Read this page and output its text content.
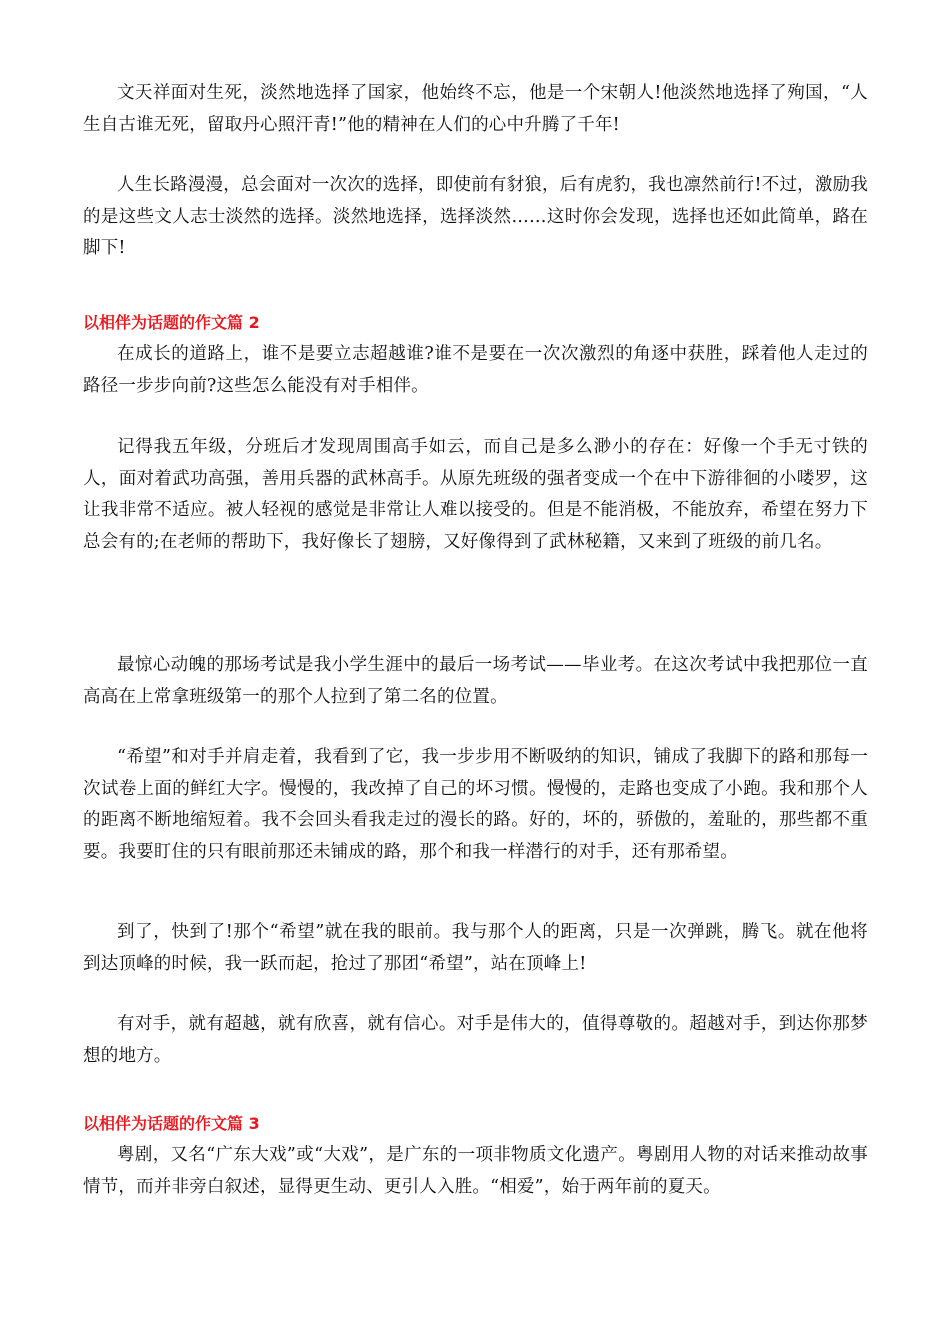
文天祥面对生死，淡然地选择了国家，他始终不忘，他是一个宋朝人!他淡然地选择了殉国，“人生自古谁无死，留取丹心照汗青!”他的精神在人们的心中升腾了千年!

人生长路漫漫，总会面对一次次的选择，即使前有豺狼，后有虎豹，我也凛然前行!不过，激励我的是这些文人志士淡然的选择。淡然地选择，选择淡然……这时你会发现，选择也还如此简单，路在脚下!

以相伴为话题的作文篇 2

在成长的道路上，谁不是要立志超越谁?谁不是要在一次次激烈的角逐中获胜，踩着他人走过的路径一步步向前?这些怎么能没有对手相伴。

记得我五年级，分班后才发现周围高手如云，而自己是多么渺小的存在：好像一个手无寸铁的人，面对着武功高强，善用兵器的武林高手。从原先班级的强者变成一个在中下游徘徊的小喽罗，这让我非常不适应。被人轻视的感觉是非常让人难以接受的。但是不能消极，不能放弃，希望在努力下总会有的;在老师的帮助下，我好像长了翅膀，又好像得到了武林秘籍，又来到了班级的前几名。

最惊心动魄的那场考试是我小学生涯中的最后一场考试——毕业考。在这次考试中我把那位一直高高在上常拿班级第一的那个人拉到了第二名的位置。

“希望”和对手并肩走着，我看到了它，我一步步用不断吸纳的知识，铺成了我脚下的路和那每一次试卷上面的鲜红大字。慢慢的，我改掉了自己的坏习惯。慢慢的，走路也变成了小跑。我和那个人的距离不断地缩短着。我不会回头看我走过的漫长的路。好的，坏的，骄傲的，羞耻的，那些都不重要。我要盯住的只有眼前那还未铺成的路，那个和我一样潜行的对手，还有那希望。

到了，快到了!那个“希望”就在我的眼前。我与那个人的距离，只是一次弹跳，腾飞。就在他将到达顶峰的时候，我一跃而起，抢过了那团“希望”，站在顶峰上!

有对手，就有超越，就有欣喜，就有信心。对手是伟大的，值得尊敬的。超越对手，到达你那梦想的地方。

以相伴为话题的作文篇 3

粤剧，又名“广东大戏”或“大戏”，是广东的一项非物质文化遗产。粤剧用人物的对话来推动故事情节，而并非旁白叙述，显得更生动、更引人入胜。“相爱”，始于两年前的夏天。
